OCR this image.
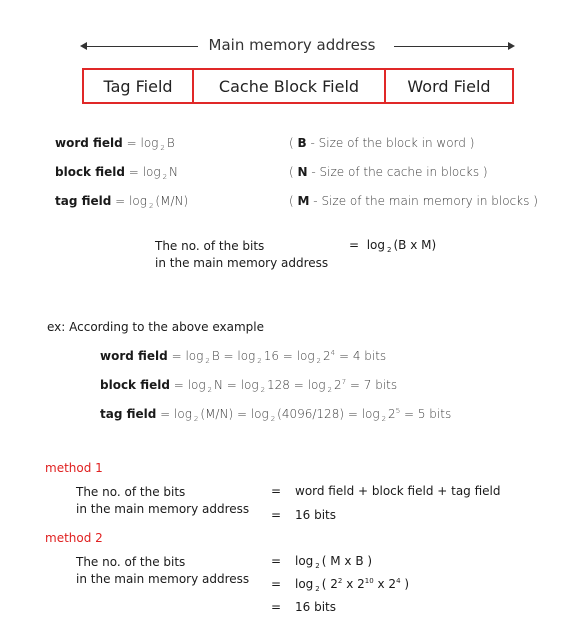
Main memory address
Tag Field	Cache Block Field	Word Field
word field = log $_2$ B	( B - Size of the block in word )
block field = log $_2$ N	( N - Size of the cache in blocks )
tag field = log $_2$ (M/N)	( M - Size of the main memory in blocks )
The no. of the bits
in the main memory address
= log $_2$ (B x M)
ex: According to the above example
word field = log $_2$ B = log $_2$ 16 = log $_2$ $2^4 = 4$ bits
block field = log $_2$ N = log $_2$ 128 = log $_2$ $2^7 = 7$ bits
tag field = log $_2$ (M/N) = log $_2$ (4096/128) = log $_2$ $2^5 = 5$ bits
method 1
The no. of the bits
in the main memory address
= word field + block field + tag field
= 16 bits
method 2
The no. of the bits
in the main memory address
= log $_2$ ( M x B )
= log $_2$ ( $2^2$ x $2^{10}$ x $2^4$ )
= 16 bits
